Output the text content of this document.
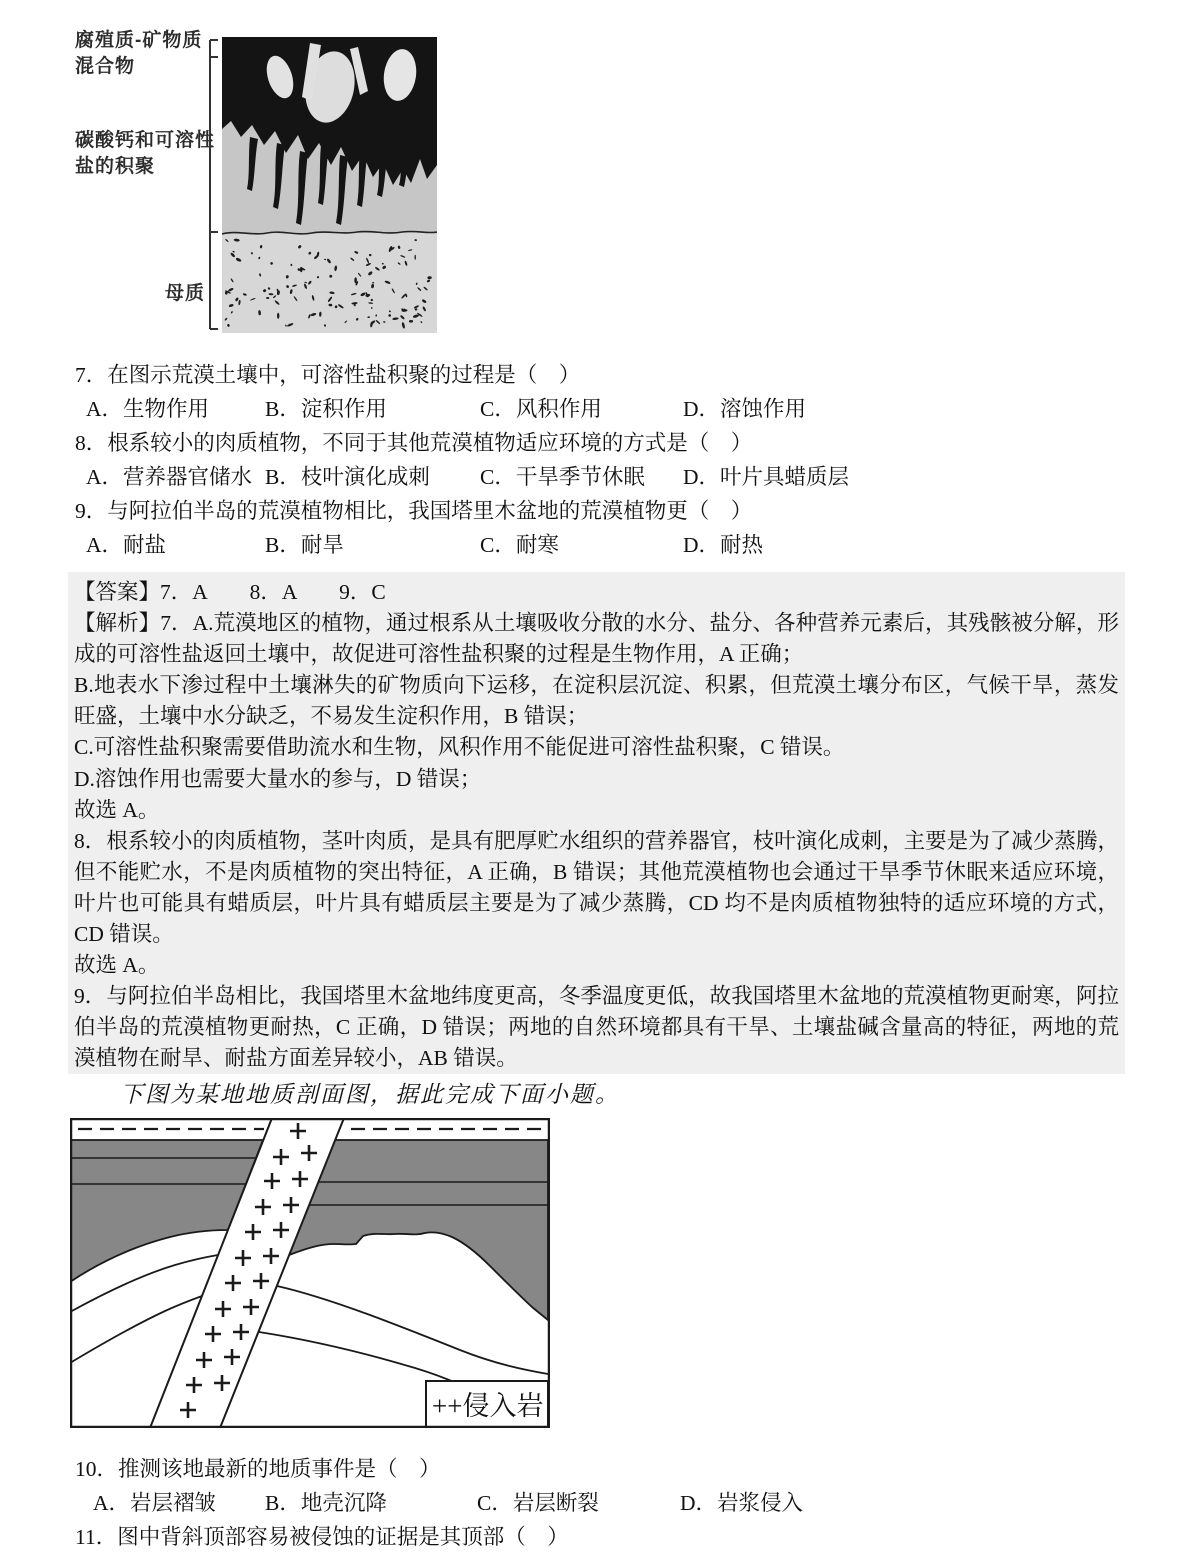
腐殖质-矿物质
混合物
碳酸钙和可溶性
盐的积聚
母质
7．在图示荒漠土壤中，可溶性盐积聚的过程是（　）
A．生物作用	B．淀积作用	C．风积作用	D．溶蚀作用
8．根系较小的肉质植物，不同于其他荒漠植物适应环境的方式是（　）
A．营养器官储水 B．枝叶演化成刺 C．干旱季节休眠 D．叶片具蜡质层
9．与阿拉伯半岛的荒漠植物相比，我国塔里木盆地的荒漠植物更（　）
A．耐盐	B．耐旱	C．耐寒	D．耐热

【答案】7．A　　8．A　　9．C

【解析】7．A.荒漠地区的植物，通过根系从土壤吸收分散的水分、盐分、各种营养元素后，其残骸被分解，形成的可溶性盐返回土壤中，故促进可溶性盐积聚的过程是生物作用，A 正确；

B.地表水下渗过程中土壤淋失的矿物质向下运移，在淀积层沉淀、积累，但荒漠土壤分布区，气候干旱，蒸发旺盛，土壤中水分缺乏，不易发生淀积作用，B 错误；

C.可溶性盐积聚需要借助流水和生物，风积作用不能促进可溶性盐积聚，C 错误。

D.溶蚀作用也需要大量水的参与，D 错误；

故选 A。

8．根系较小的肉质植物，茎叶肉质，是具有肥厚贮水组织的营养器官，枝叶演化成刺，主要是为了减少蒸腾，但不能贮水，不是肉质植物的突出特征，A 正确，B 错误；其他荒漠植物也会通过干旱季节休眠来适应环境，叶片也可能具有蜡质层，叶片具有蜡质层主要是为了减少蒸腾，CD 均不是肉质植物独特的适应环境的方式，CD 错误。

故选 A。

9．与阿拉伯半岛相比，我国塔里木盆地纬度更高，冬季温度更低，故我国塔里木盆地的荒漠植物更耐寒，阿拉伯半岛的荒漠植物更耐热，C 正确，D 错误；两地的自然环境都具有干旱、土壤盐碱含量高的特征，两地的荒漠植物在耐旱、耐盐方面差异较小，AB 错误。

下图为某地地质剖面图，据此完成下面小题。
++侵入岩
10．推测该地最新的地质事件是（　）
A．岩层褶皱 B．地壳沉降	C．岩层断裂	D．岩浆侵入
11．图中背斜顶部容易被侵蚀的证据是其顶部（　）
